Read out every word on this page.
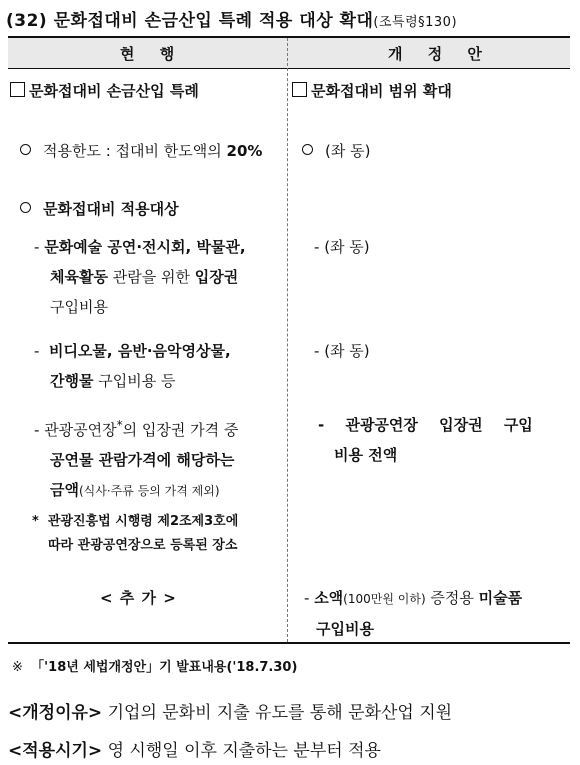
(32) 문화접대비 손금산입 특례 적용 대상 확대(조특령§130)
현 행	개 정 안
문화접대비 손금산입 특례
적용한도 : 접대비 한도액의 20%
문화접대비 적용대상
- 문화예술 공연·전시회, 박물관,
체육활동 관람을 위한 입장권
구입비용
-  비디오물, 음반·음악영상물,
간행물 구입비용 등
- 관광공연장*의 입장권 가격 중
공연물 관람가격에 해당하는
금액(식사·주류 등의 가격 제외)
* 관광진흥법 시행령 제2조제3호에
따라 관광공연장으로 등록된 장소
< 추 가 >
문화접대비 범위 확대
(좌 동)
- (좌 동)
- (좌 동)
- 관광공연장 입장권 구입
비용 전액
- 소액(100만원 이하) 증정용 미술품
구입비용
※ 「'18년 세법개정안」기 발표내용('18.7.30)
<개정이유> 기업의 문화비 지출 유도를 통해 문화산업 지원
<적용시기> 영 시행일 이후 지출하는 분부터 적용
